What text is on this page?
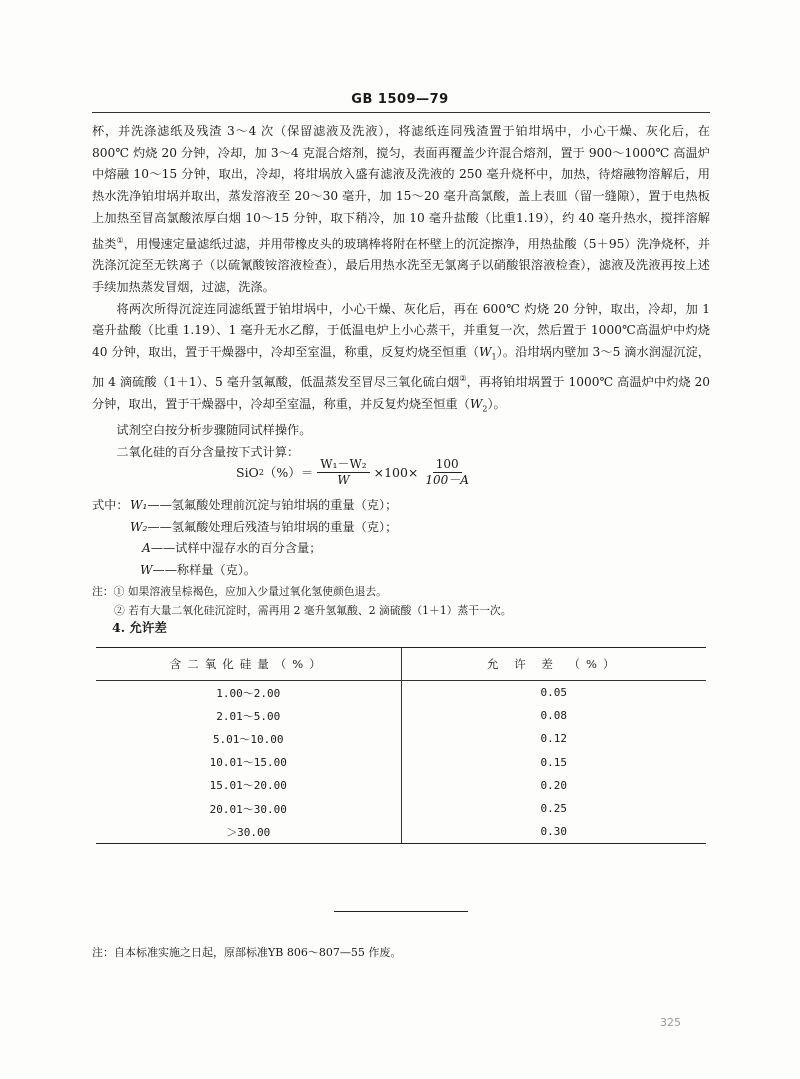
GB 1509—79

杯，并洗涤滤纸及残渣 3～4 次（保留滤液及洗液），将滤纸连同残渣置于铂坩埚中，小心干燥、灰化后，在 800℃ 灼烧 20 分钟，冷却，加 3～4 克混合熔剂，搅匀，表面再覆盖少许混合熔剂，置于 900～1000℃ 高温炉中熔融 10～15 分钟，取出，冷却，将坩埚放入盛有滤液及洗液的 250 毫升烧杯中，加热，待熔融物溶解后，用热水洗净铂坩埚并取出，蒸发溶液至 20～30 毫升，加 15～20 毫升高氯酸，盖上表皿（留一缝隙），置于电热板上加热至冒高氯酸浓厚白烟 10～15 分钟，取下稍冷，加 10 毫升盐酸（比重1.19），约 40 毫升热水，搅拌溶解盐类①，用慢速定量滤纸过滤，并用带橡皮头的玻璃棒将附在杯壁上的沉淀擦净，用热盐酸（5＋95）洗净烧杯，并洗涤沉淀至无铁离子（以硫氰酸铵溶液检查），最后用热水洗至无氯离子以硝酸银溶液检查），滤液及洗液再按上述手续加热蒸发冒烟，过滤，洗涤。

将两次所得沉淀连同滤纸置于铂坩埚中，小心干燥、灰化后，再在 600℃ 灼烧 20 分钟，取出，冷却，加 1 毫升盐酸（比重 1.19）、1 毫升无水乙醇，于低温电炉上小心蒸干，并重复一次，然后置于 1000℃高温炉中灼烧 40 分钟，取出，置于干燥器中，冷却至室温，称重，反复灼烧至恒重$(W_1)$。沿坩埚内壁加 3～5 滴水润湿沉淀，加 4 滴硫酸（1＋1）、5 毫升氢氟酸，低温蒸发至冒尽三氧化硫白烟②，再将铂坩埚置于 1000℃ 高温炉中灼烧 20 分钟，取出，置于干燥器中，冷却至室温，称重，并反复灼烧至恒重$(W_2)$。

试剂空白按分析步骤随同试样操作。

二氧化硅的百分含量按下式计算：

SiO 2 （%）＝ $\frac{\text{W₁－W₂}}{W} \times 100\times \frac{100}{100-A}$
式中： W₁ ——氢氟酸处理前沉淀与铂坩埚的重量（克）；
W₂ ——氢氟酸处理后残渣与铂坩埚的重量（克）；
A ——试样中湿存水的百分含量；
W ——称样量（克）。
注：① 如果溶液呈棕褐色，应加入少量过氧化氢使颜色退去。
② 若有大量二氧化硅沉淀时，需再用 2 毫升氢氟酸、2 滴硫酸（1＋1）蒸干一次。
4. 允许差
含二氧化硅量（%）	允 许 差 （%）
1.00～2.00	0.05
2.01～5.00	0.08
5.01～10.00	0.12
10.01～15.00	0.15
15.01～20.00	0.20
20.01～30.00	0.25
＞30.00	0.30
注：自本标准实施之日起，原部标准YB 806～807—55 作废。
325
